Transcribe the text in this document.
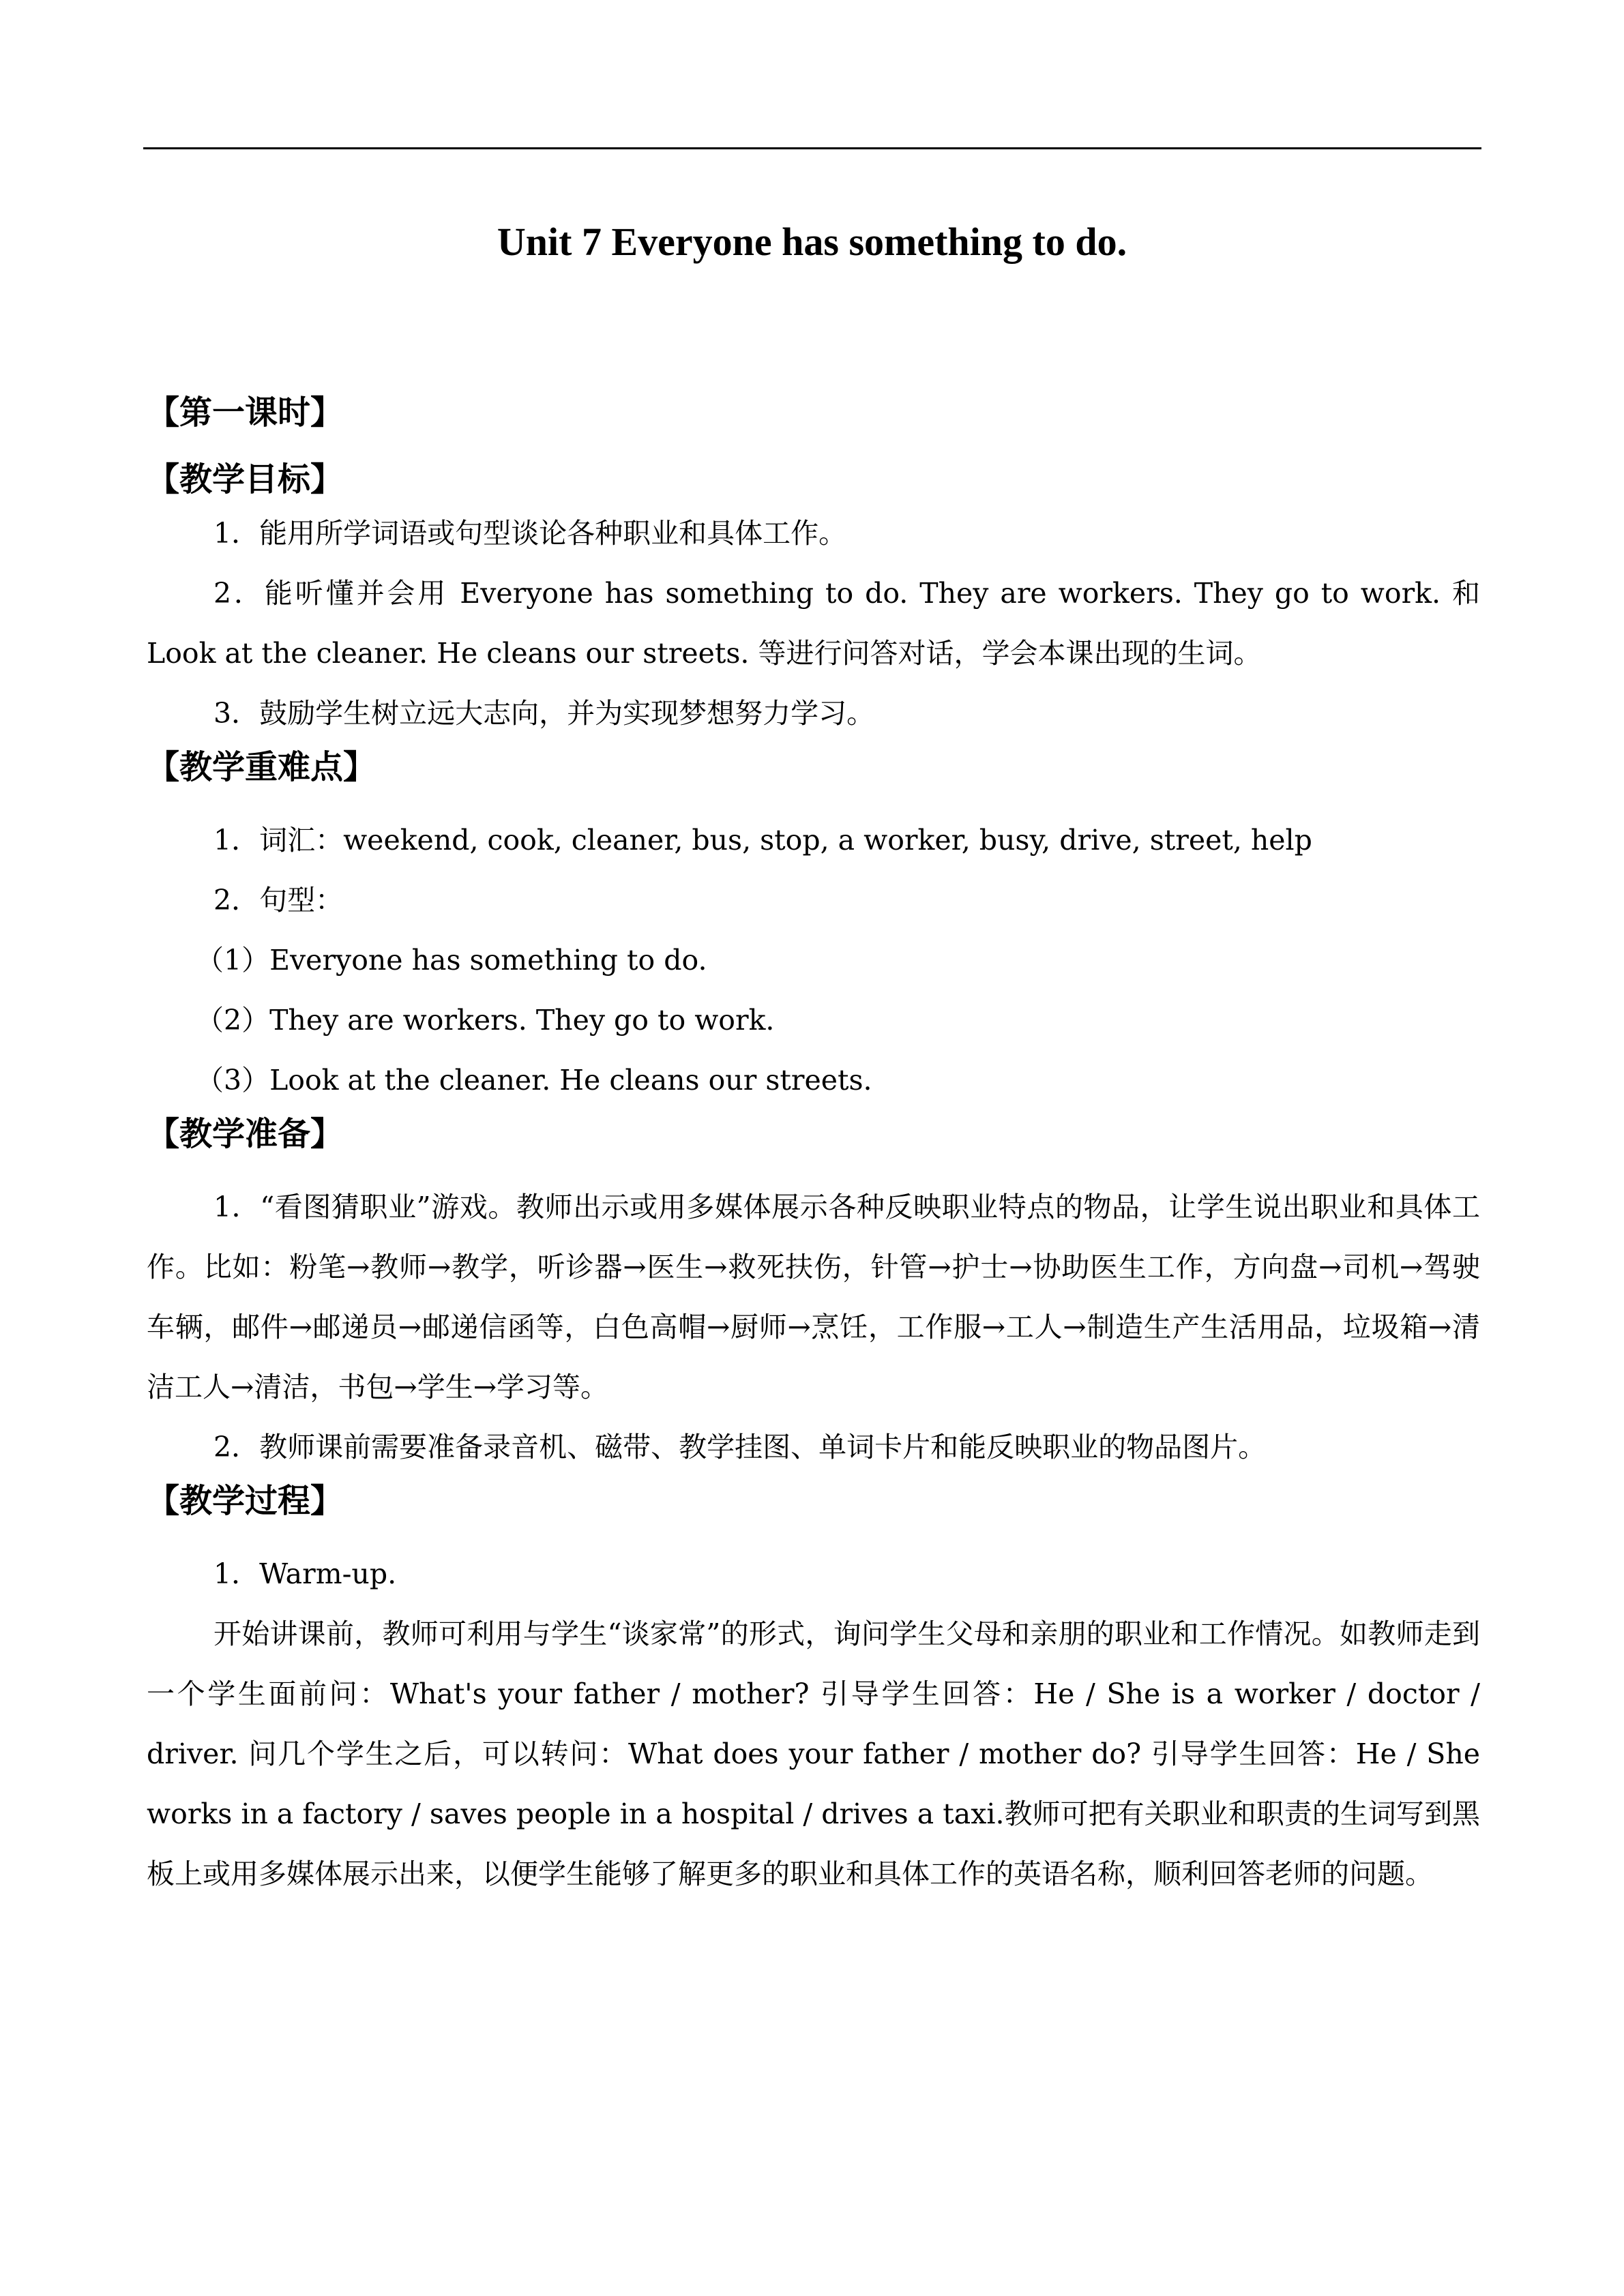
Unit 7 Everyone has something to do.

【第一课时】

【教学目标】

1．能用所学词语或句型谈论各种职业和具体工作。

2．能听懂并会用 Everyone has something to do. They are workers. They go to work. 和 Look at the cleaner. He cleans our streets. 等进行问答对话，学会本课出现的生词。

3．鼓励学生树立远大志向，并为实现梦想努力学习。

【教学重难点】

1．词汇：weekend, cook, cleaner, bus, stop, a worker, busy, drive, street, help

2．句型：

（1）Everyone has something to do.

（2）They are workers. They go to work.

（3）Look at the cleaner. He cleans our streets.

【教学准备】

1．“看图猜职业”游戏。教师出示或用多媒体展示各种反映职业特点的物品，让学生说出职业和具体工作。比如：粉笔→教师→教学，听诊器→医生→救死扶伤，针管→护士→协助医生工作，方向盘→司机→驾驶车辆，邮件→邮递员→邮递信函等，白色高帽→厨师→烹饪，工作服→工人→制造生产生活用品，垃圾箱→清洁工人→清洁，书包→学生→学习等。

2．教师课前需要准备录音机、磁带、教学挂图、单词卡片和能反映职业的物品图片。

【教学过程】

1．Warm-up.

开始讲课前，教师可利用与学生“谈家常”的形式，询问学生父母和亲朋的职业和工作情况。如教师走到一个学生面前问：What's your father / mother? 引导学生回答：He / She is a worker / doctor / driver. 问几个学生之后，可以转问：What does your father / mother do? 引导学生回答：He / She works in a factory / saves people in a hospital / drives a taxi.教师可把有关职业和职责的生词写到黑板上或用多媒体展示出来，以便学生能够了解更多的职业和具体工作的英语名称，顺利回答老师的问题。
